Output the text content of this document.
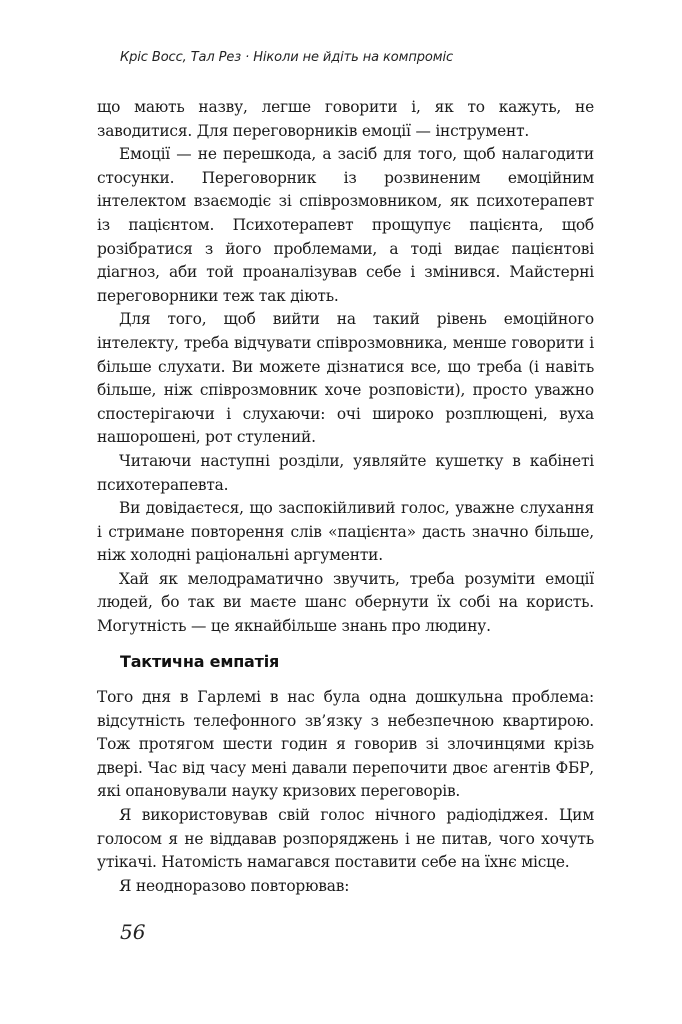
Кріс Восс, Тал Рез · Ніколи не йдіть на компроміс

що мають назву, легше говорити і, як то кажуть, не заводитися. Для переговорників емоції — інструмент.

Емоції — не перешкода, а засіб для того, щоб налагодити стосунки. Переговорник із розвиненим емоційним інтелектом взаємодіє зі співрозмовником, як психотерапевт із пацієнтом. Психотерапевт прощупує пацієнта, щоб розібратися з його проблемами, а тоді видає пацієнтові діагноз, аби той проаналізував себе і змінився. Майстерні переговорники теж так діють.

Для того, щоб вийти на такий рівень емоційного інтелекту, треба відчувати співрозмовника, менше говорити і більше слухати. Ви можете дізнатися все, що треба (і навіть більше, ніж співрозмовник хоче розповісти), просто уважно спостерігаючи і слухаючи: очі широко розплющені, вуха нашорошені, рот стулений.

Читаючи наступні розділи, уявляйте кушетку в кабінеті психотерапевта.

Ви довідаєтеся, що заспокійливий голос, уважне слухання і стримане повторення слів «пацієнта» дасть значно більше, ніж холодні раціональні аргументи.

Хай як мелодраматично звучить, треба розуміти емоції людей, бо так ви маєте шанс обернути їх собі на користь. Могутність — це якнайбільше знань про людину.

Тактична емпатія

Того дня в Гарлемі в нас була одна дошкульна проблема: відсутність телефонного зв’язку з небезпечною квартирою. Тож протягом шести годин я говорив зі злочинцями крізь двері. Час від часу мені давали перепочити двоє агентів ФБР, які опановували науку кризових переговорів.

Я використовував свій голос нічного радіодіджея. Цим голосом я не віддавав розпоряджень і не питав, чого хочуть утікачі. Натомість намагався поставити себе на їхнє місце.

Я неодноразово повторював:

56
